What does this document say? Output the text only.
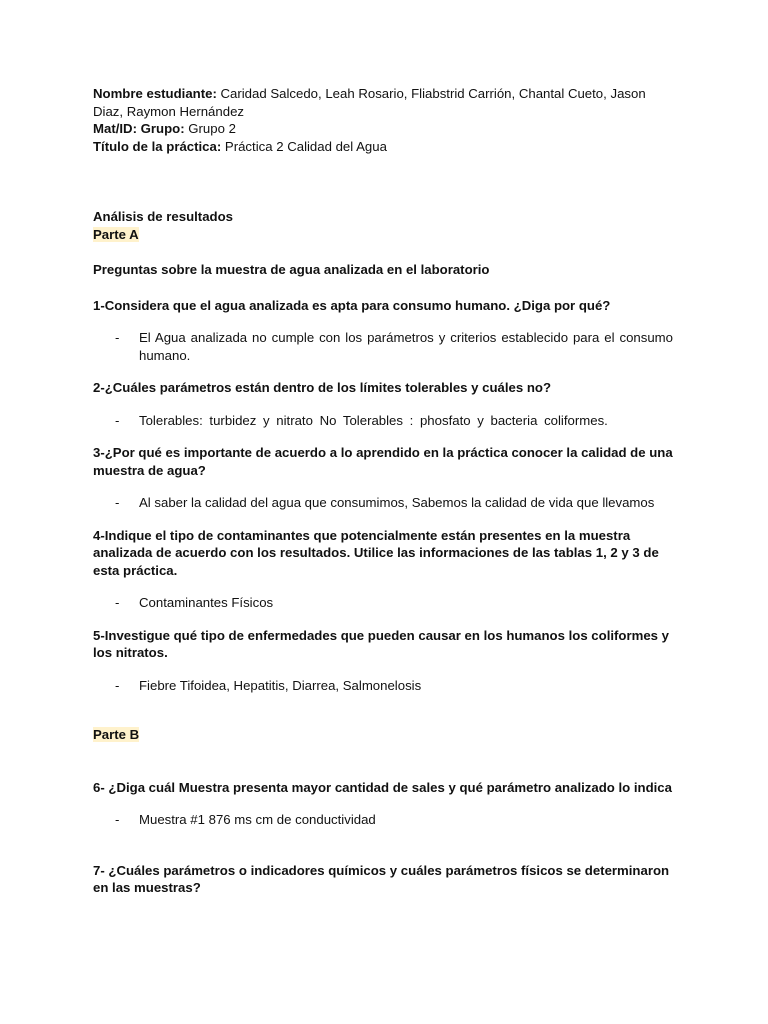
Nombre estudiante: Caridad Salcedo, Leah Rosario, Fliabstrid Carrión, Chantal Cueto, Jason Diaz, Raymon Hernández

Mat/ID: Grupo: Grupo 2

Título de la práctica: Práctica 2 Calidad del Agua

Análisis de resultados

Parte A

Preguntas sobre la muestra de agua analizada en el laboratorio

1-Considera que el agua analizada es apta para consumo humano. ¿Diga por qué?

-	El Agua analizada no cumple con los parámetros y criterios establecido para el consumo humano.

2-¿Cuáles parámetros están dentro de los límites tolerables y cuáles no?

-	Tolerables: turbidez y nitrato No Tolerables : phosfato y bacteria coliformes.

3-¿Por qué es importante de acuerdo a lo aprendido en la práctica conocer la calidad de una muestra de agua?

-	Al saber la calidad del agua que consumimos, Sabemos la calidad de vida que llevamos

4-Indique el tipo de contaminantes que potencialmente están presentes en la muestra analizada de acuerdo con los resultados. Utilice las informaciones de las tablas 1, 2 y 3 de esta práctica.

-	Contaminantes Físicos

5-Investigue qué tipo de enfermedades que pueden causar en los humanos los coliformes y los nitratos.

-	Fiebre Tifoidea, Hepatitis, Diarrea, Salmonelosis

Parte B

6- ¿Diga cuál Muestra presenta mayor cantidad de sales y qué parámetro analizado lo indica

-	Muestra #1 876 ms cm de conductividad

7- ¿Cuáles parámetros o indicadores químicos y cuáles parámetros físicos se determinaron en las muestras?
